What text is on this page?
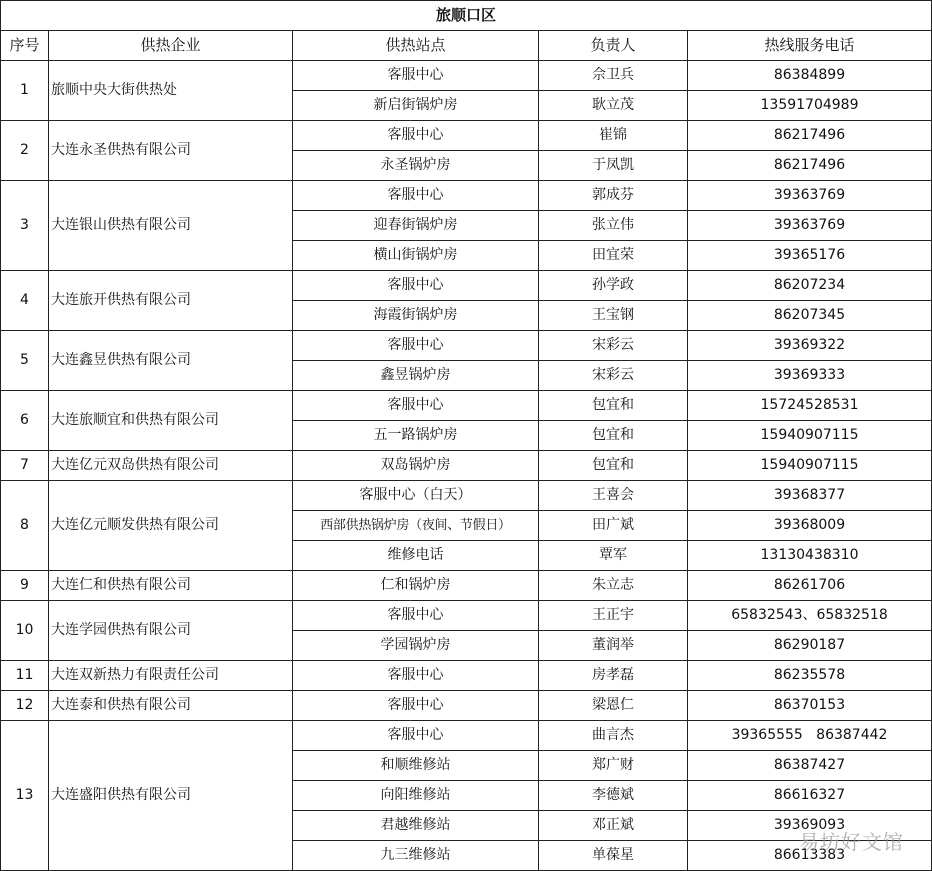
旅顺口区				
序号	供热企业	供热站点	负责人	热线服务电话
1	旅顺中央大街供热处	客服中心	佘卫兵	86384899
		新启街锅炉房	耿立茂	13591704989
2	大连永圣供热有限公司	客服中心	崔锦	86217496
		永圣锅炉房	于凤凯	86217496
3	大连银山供热有限公司	客服中心	郭成芬	39363769
		迎春街锅炉房	张立伟	39363769
		横山街锅炉房	田宜荣	39365176
4	大连旅开供热有限公司	客服中心	孙学政	86207234
		海霞街锅炉房	王宝钢	86207345
5	大连鑫昱供热有限公司	客服中心	宋彩云	39369322
		鑫昱锅炉房	宋彩云	39369333
6	大连旅顺宜和供热有限公司	客服中心	包宜和	15724528531
		五一路锅炉房	包宜和	15940907115
7	大连亿元双岛供热有限公司	双岛锅炉房	包宜和	15940907115
8	大连亿元顺发供热有限公司	客服中心（白天）	王喜会	39368377
		西部供热锅炉房（夜间、节假日）	田广斌	39368009
		维修电话	覃军	13130438310
9	大连仁和供热有限公司	仁和锅炉房	朱立志	86261706
10	大连学园供热有限公司	客服中心	王正宇	65832543、65832518
		学园锅炉房	董润举	86290187
11	大连双新热力有限责任公司	客服中心	房孝磊	86235578
12	大连泰和供热有限公司	客服中心	梁恩仁	86370153
13	大连盛阳供热有限公司	客服中心	曲言杰	39365555   86387442
		和顺维修站	郑广财	86387427
		向阳维修站	李德斌	86616327
		君越维修站	邓正斌	39369093
		九三维修站	单葆星	86613383
易坊好文馆
